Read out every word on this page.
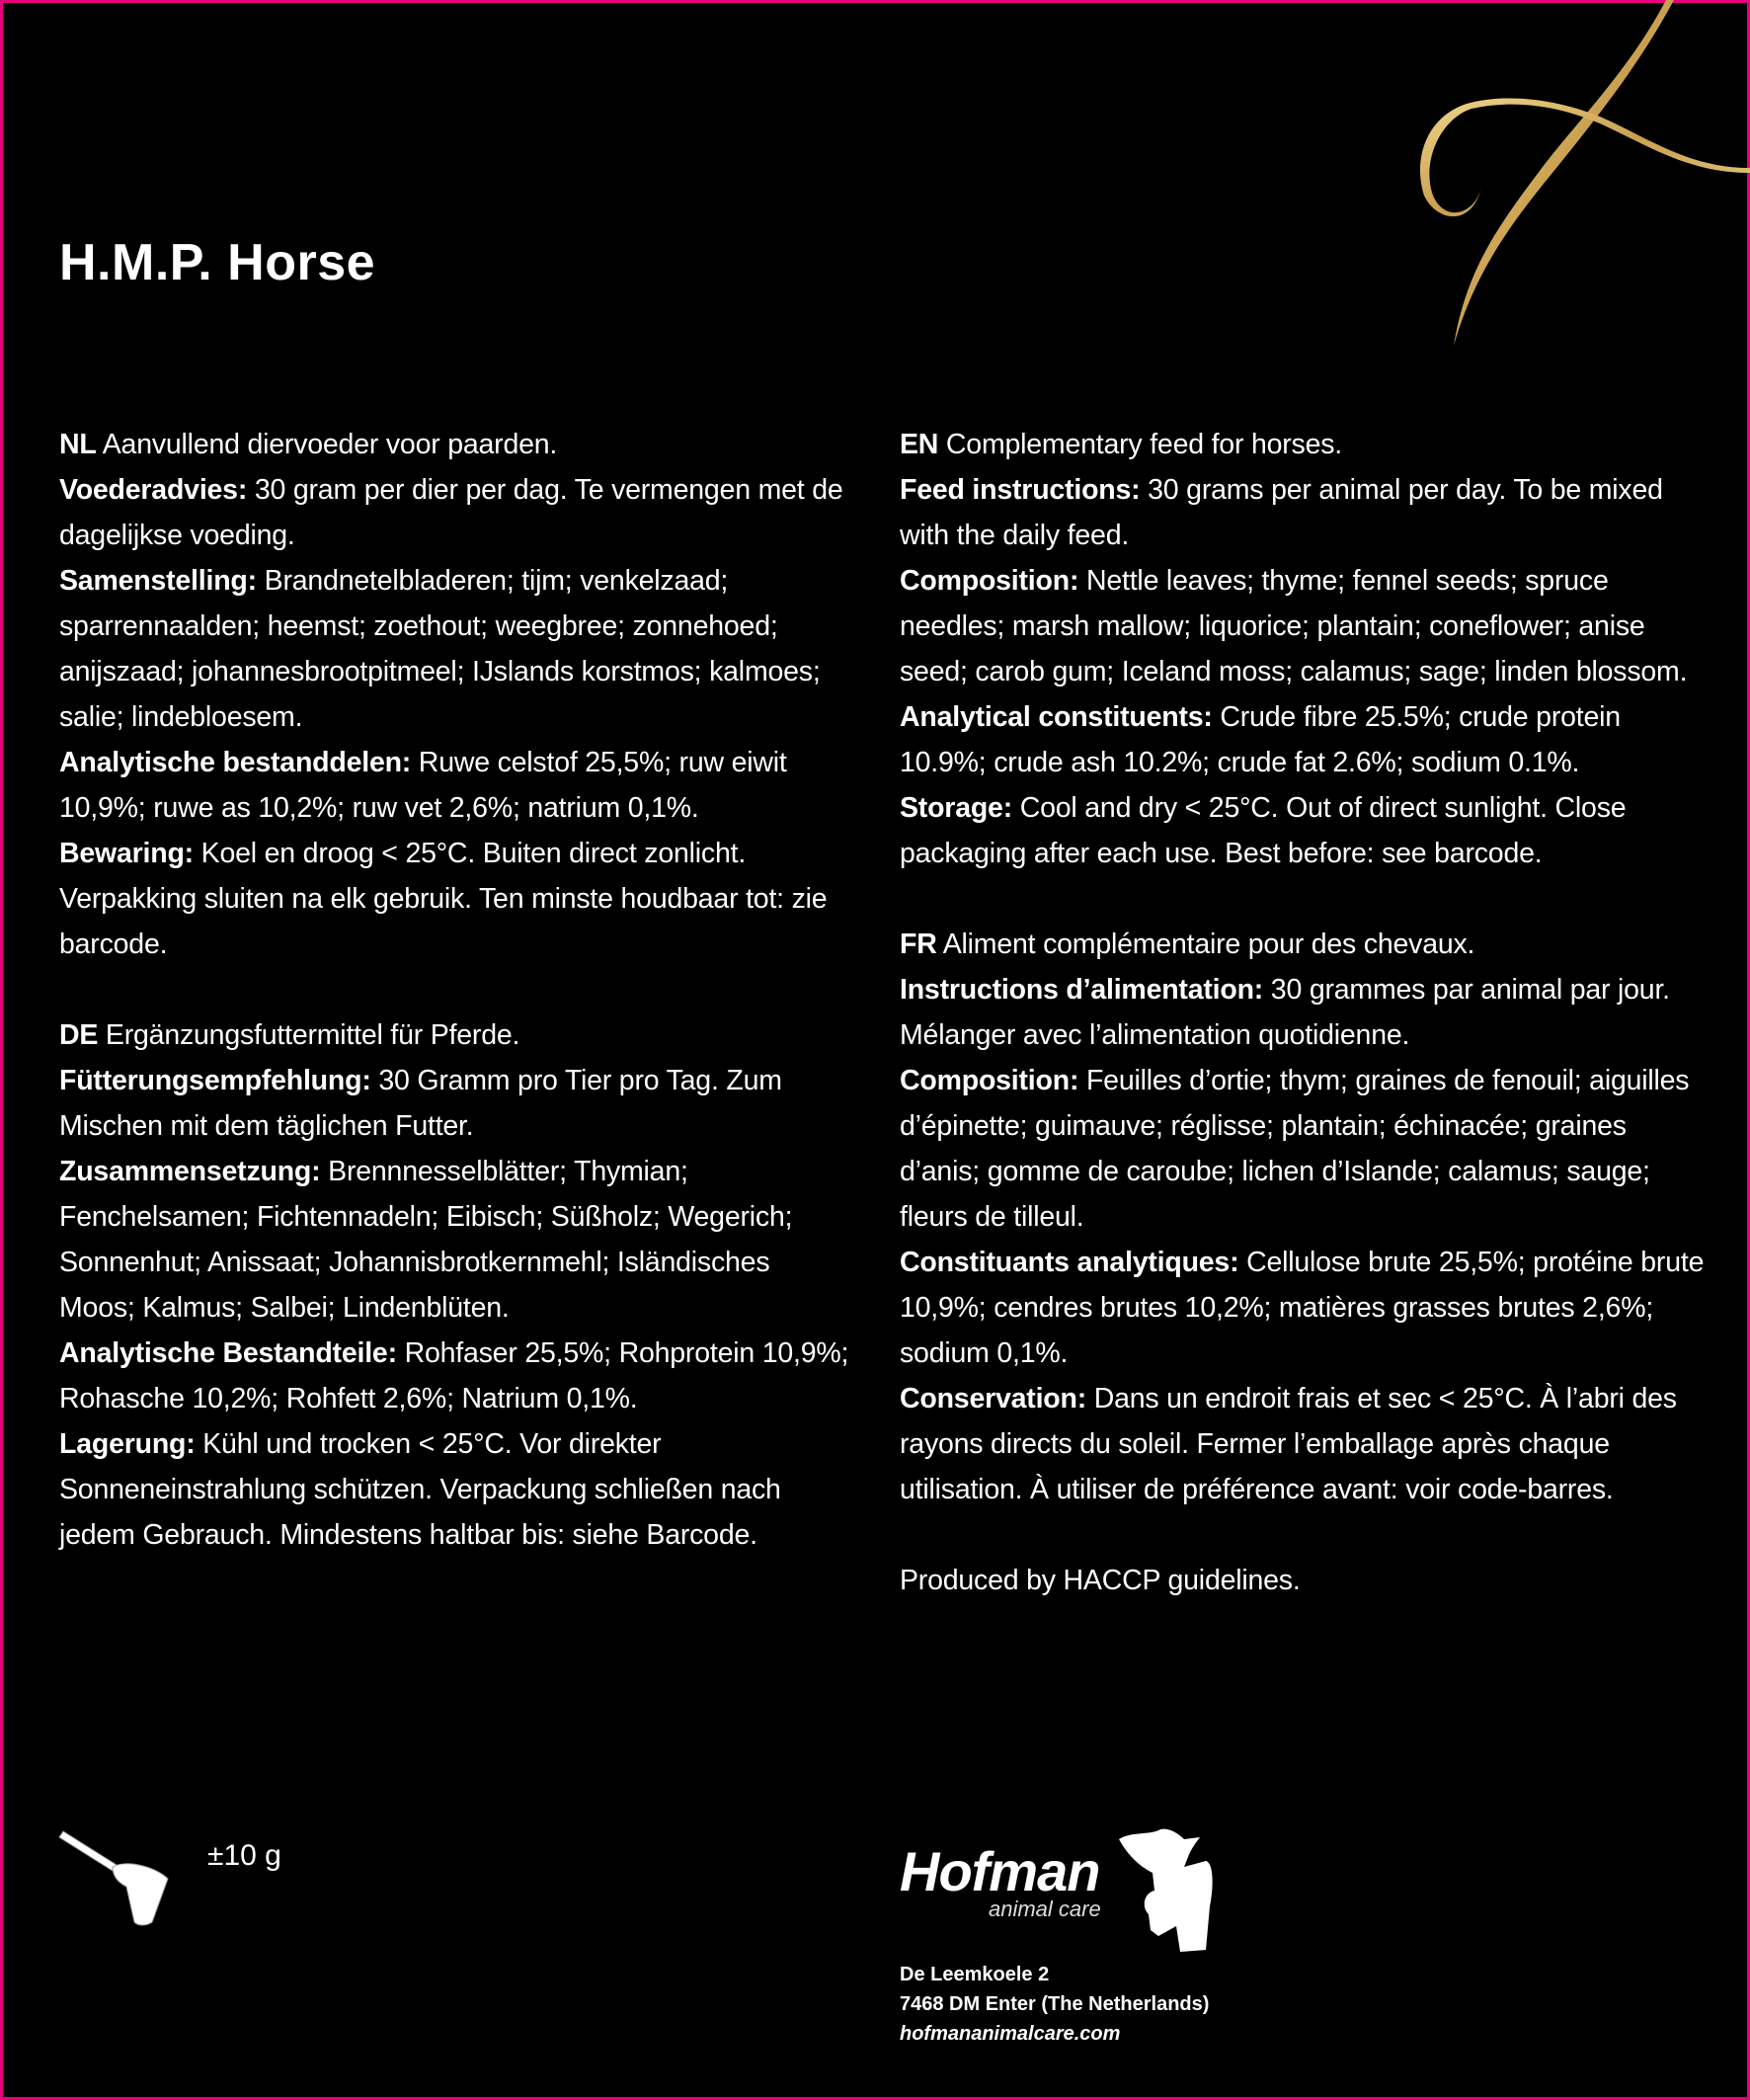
H.M.P. Horse

NL Aanvullend diervoeder voor paarden.

Voederadvies: 30 gram per dier per dag. Te vermengen met de dagelijkse voeding.

Samenstelling: Brandnetelbladeren; tijm; venkelzaad; sparrennaalden; heemst; zoethout; weegbree; zonnehoed; anijszaad; johannesbrootpitmeel; IJslands korstmos; kalmoes; salie; lindebloesem.

Analytische bestanddelen: Ruwe celstof 25,5%; ruw eiwit 10,9%; ruwe as 10,2%; ruw vet 2,6%; natrium 0,1%.

Bewaring: Koel en droog < 25°C. Buiten direct zonlicht. Verpakking sluiten na elk gebruik. Ten minste houdbaar tot: zie barcode.

DE Ergänzungsfuttermittel für Pferde.

Fütterungsempfehlung: 30 Gramm pro Tier pro Tag. Zum Mischen mit dem täglichen Futter.

Zusammensetzung: Brennnesselblätter; Thymian; Fenchelsamen; Fichtennadeln; Eibisch; Süßholz; Wegerich; Sonnenhut; Anissaat; Johannisbrotkernmehl; Isländisches Moos; Kalmus; Salbei; Lindenblüten.

Analytische Bestandteile: Rohfaser 25,5%; Rohprotein 10,9%; Rohasche 10,2%; Rohfett 2,6%; Natrium 0,1%.

Lagerung: Kühl und trocken < 25°C. Vor direkter Sonneneinstrahlung schützen. Verpackung schließen nach jedem Gebrauch. Mindestens haltbar bis: siehe Barcode.

EN Complementary feed for horses.

Feed instructions: 30 grams per animal per day. To be mixed with the daily feed.

Composition: Nettle leaves; thyme; fennel seeds; spruce needles; marsh mallow; liquorice; plantain; coneflower; anise seed; carob gum; Iceland moss; calamus; sage; linden blossom.

Analytical constituents: Crude fibre 25.5%; crude protein 10.9%; crude ash 10.2%; crude fat 2.6%; sodium 0.1%.

Storage: Cool and dry < 25°C. Out of direct sunlight. Close packaging after each use. Best before: see barcode.

FR Aliment complémentaire pour des chevaux.

Instructions d’alimentation: 30 grammes par animal par jour. Mélanger avec l’alimentation quotidienne.

Composition: Feuilles d’ortie; thym; graines de fenouil; aiguilles d’épinette; guimauve; réglisse; plantain; échinacée; graines d’anis; gomme de caroube; lichen d’Islande; calamus; sauge; fleurs de tilleul.

Constituants analytiques: Cellulose brute 25,5%; protéine brute 10,9%; cendres brutes 10,2%; matières grasses brutes 2,6%; sodium 0,1%.

Conservation: Dans un endroit frais et sec < 25°C. À l’abri des rayons directs du soleil. Fermer l’emballage après chaque utilisation. À utiliser de préférence avant: voir code-barres.

Produced by HACCP guidelines.

±10 g	Hofman
animal care
De Leemkoele 2
7468 DM Enter (The Netherlands)
hofmananimalcare.com
